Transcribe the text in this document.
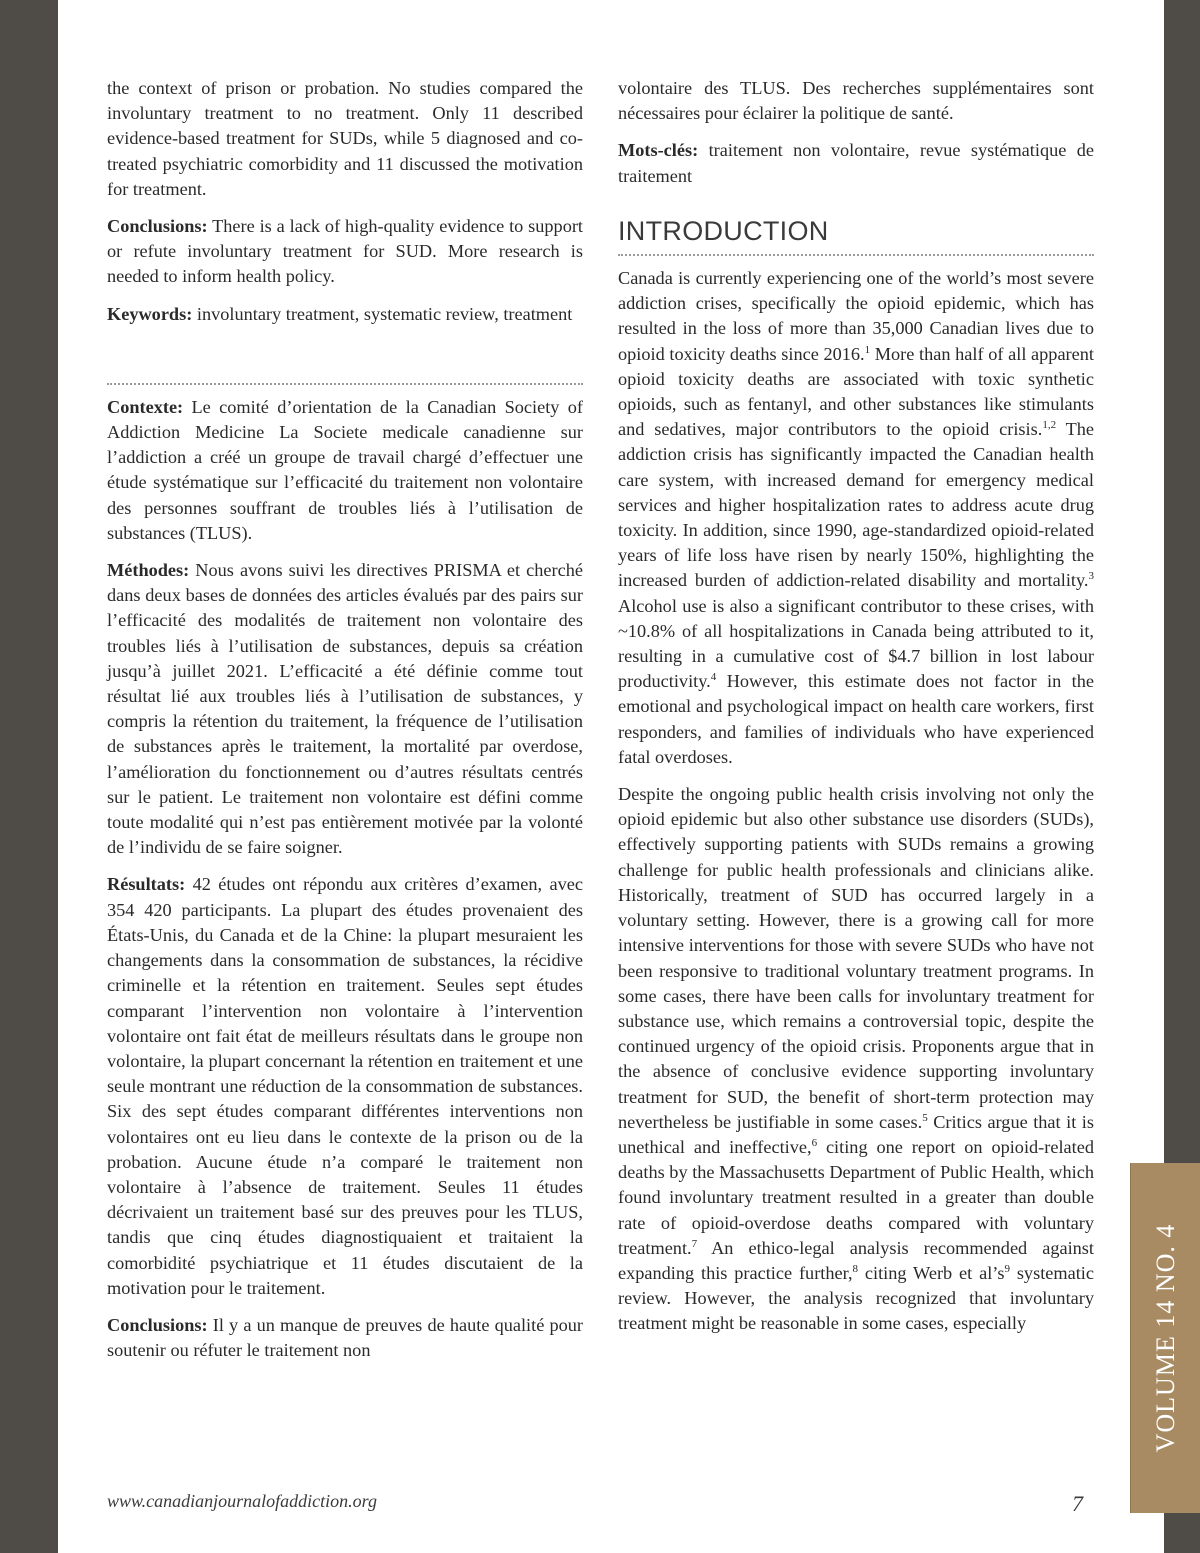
VOLUME 14 NO. 4

the context of prison or probation. No studies compared the involuntary treatment to no treatment. Only 11 described evidence-based treatment for SUDs, while 5 diagnosed and co-treated psychiatric comorbidity and 11 discussed the motivation for treatment.

Conclusions: There is a lack of high-quality evidence to support or refute involuntary treatment for SUD. More research is needed to inform health policy.

Keywords: involuntary treatment, systematic review, treatment

Contexte: Le comité d’orientation de la Canadian Society of Addiction Medicine La Societe medicale canadienne sur l’addiction a créé un groupe de travail chargé d’effectuer une étude systématique sur l’efficacité du traitement non volontaire des personnes souffrant de troubles liés à l’utilisation de substances (TLUS).

Méthodes: Nous avons suivi les directives PRISMA et cherché dans deux bases de données des articles évalués par des pairs sur l’efficacité des modalités de traitement non volontaire des troubles liés à l’utilisation de substances, depuis sa création jusqu’à juillet 2021. L’efficacité a été définie comme tout résultat lié aux troubles liés à l’utilisation de substances, y compris la rétention du traitement, la fréquence de l’utilisation de substances après le traitement, la mortalité par overdose, l’amélioration du fonctionnement ou d’autres résultats centrés sur le patient. Le traitement non volontaire est défini comme toute modalité qui n’est pas entièrement motivée par la volonté de l’individu de se faire soigner.

Résultats: 42 études ont répondu aux critères d’examen, avec 354 420 participants. La plupart des études provenaient des États-Unis, du Canada et de la Chine: la plupart mesuraient les changements dans la consommation de substances, la récidive criminelle et la rétention en traitement. Seules sept études comparant l’intervention non volontaire à l’intervention volontaire ont fait état de meilleurs résultats dans le groupe non volontaire, la plupart concernant la rétention en traitement et une seule montrant une réduction de la consommation de substances. Six des sept études comparant différentes interventions non volontaires ont eu lieu dans le contexte de la prison ou de la probation. Aucune étude n’a comparé le traitement non volontaire à l’absence de traitement. Seules 11 études décrivaient un traitement basé sur des preuves pour les TLUS, tandis que cinq études diagnostiquaient et traitaient la comorbidité psychiatrique et 11 études discutaient de la motivation pour le traitement.

Conclusions: Il y a un manque de preuves de haute qualité pour soutenir ou réfuter le traitement non

volontaire des TLUS. Des recherches supplémentaires sont nécessaires pour éclairer la politique de santé.

Mots-clés: traitement non volontaire, revue systématique de traitement

INTRODUCTION

Canada is currently experiencing one of the world’s most severe addiction crises, specifically the opioid epidemic, which has resulted in the loss of more than 35,000 Canadian lives due to opioid toxicity deaths since 2016.$^1$ More than half of all apparent opioid toxicity deaths are associated with toxic synthetic opioids, such as fentanyl, and other substances like stimulants and sedatives, major contributors to the opioid crisis.$^{1,2}$ The addiction crisis has significantly impacted the Canadian health care system, with increased demand for emergency medical services and higher hospitalization rates to address acute drug toxicity. In addition, since 1990, age-standardized opioid-related years of life loss have risen by nearly 150%, highlighting the increased burden of addiction-related disability and mortality.$^3$ Alcohol use is also a significant contributor to these crises, with ~10.8% of all hospitalizations in Canada being attributed to it, resulting in a cumulative cost of $4.7 billion in lost labour productivity.$^4$ However, this estimate does not factor in the emotional and psychological impact on health care workers, first responders, and families of individuals who have experienced fatal overdoses.

Despite the ongoing public health crisis involving not only the opioid epidemic but also other substance use disorders (SUDs), effectively supporting patients with SUDs remains a growing challenge for public health professionals and clinicians alike. Historically, treatment of SUD has occurred largely in a voluntary setting. However, there is a growing call for more intensive interventions for those with severe SUDs who have not been responsive to traditional voluntary treatment programs. In some cases, there have been calls for involuntary treatment for substance use, which remains a controversial topic, despite the continued urgency of the opioid crisis. Proponents argue that in the absence of conclusive evidence supporting involuntary treatment for SUD, the benefit of short-term protection may nevertheless be justifiable in some cases.$^5$ Critics argue that it is unethical and ineffective,$^6$ citing one report on opioid-related deaths by the Massachusetts Department of Public Health, which found involuntary treatment resulted in a greater than double rate of opioid-overdose deaths compared with voluntary treatment.$^7$ An ethico-legal analysis recommended against expanding this practice further,$^8$ citing Werb et $al’s^9$ systematic review. However, the analysis recognized that involuntary treatment might be reasonable in some cases, especially

www.canadianjournalofaddiction.org	7
